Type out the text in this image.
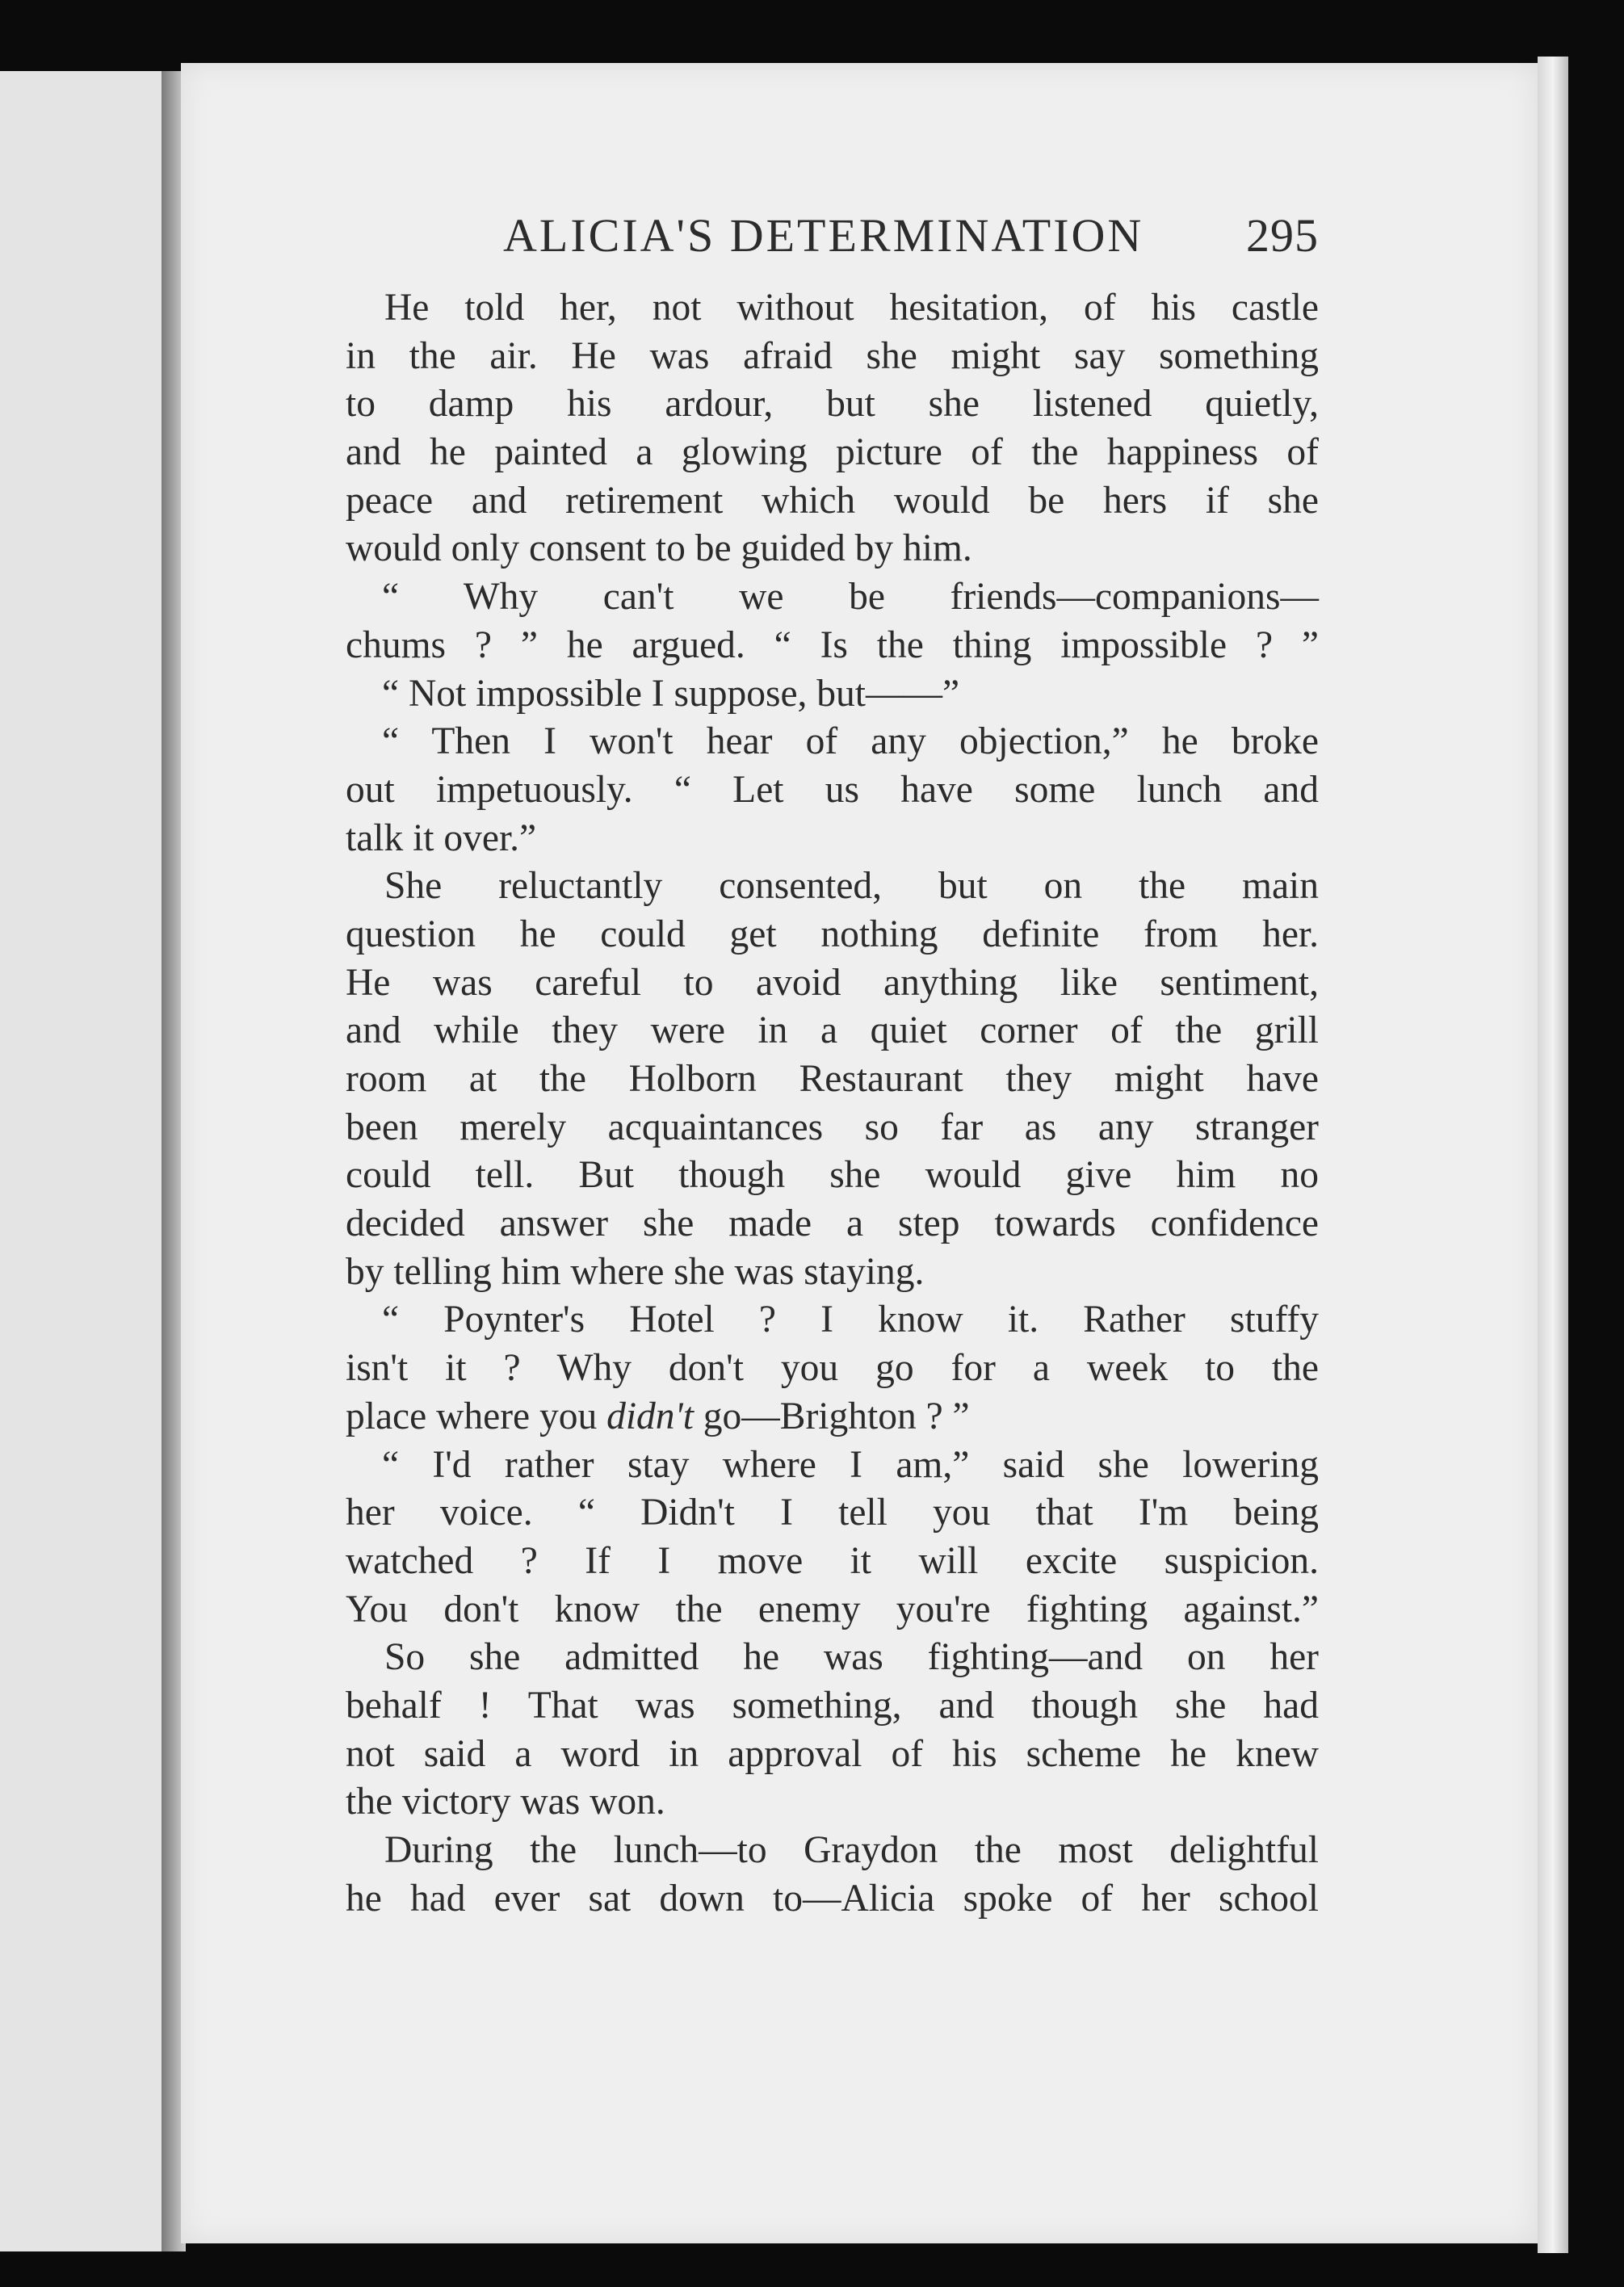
ALICIA'S DETERMINATION 295
He told her, not without hesitation, of his castle
in the air. He was afraid she might say something
to damp his ardour, but she listened quietly,
and he painted a glowing picture of the happiness of
peace and retirement which would be hers if she
would only consent to be guided by him.
“ Why can't we be friends—companions—
chums ? ” he argued. “ Is the thing impossible ? ”
“ Not impossible I suppose, but——”
“ Then I won't hear of any objection,” he broke
out impetuously. “ Let us have some lunch and
talk it over.”
She reluctantly consented, but on the main
question he could get nothing definite from her.
He was careful to avoid anything like sentiment,
and while they were in a quiet corner of the grill
room at the Holborn Restaurant they might have
been merely acquaintances so far as any stranger
could tell. But though she would give him no
decided answer she made a step towards confidence
by telling him where she was staying.
“ Poynter's Hotel ? I know it. Rather stuffy
isn't it ? Why don't you go for a week to the
place where you didn't go—Brighton ? ”
“ I'd rather stay where I am,” said she lowering
her voice. “ Didn't I tell you that I'm being
watched ? If I move it will excite suspicion.
You don't know the enemy you're fighting against.”
So she admitted he was fighting—and on her
behalf ! That was something, and though she had
not said a word in approval of his scheme he knew
the victory was won.
During the lunch—to Graydon the most delightful
he had ever sat down to—Alicia spoke of her school
